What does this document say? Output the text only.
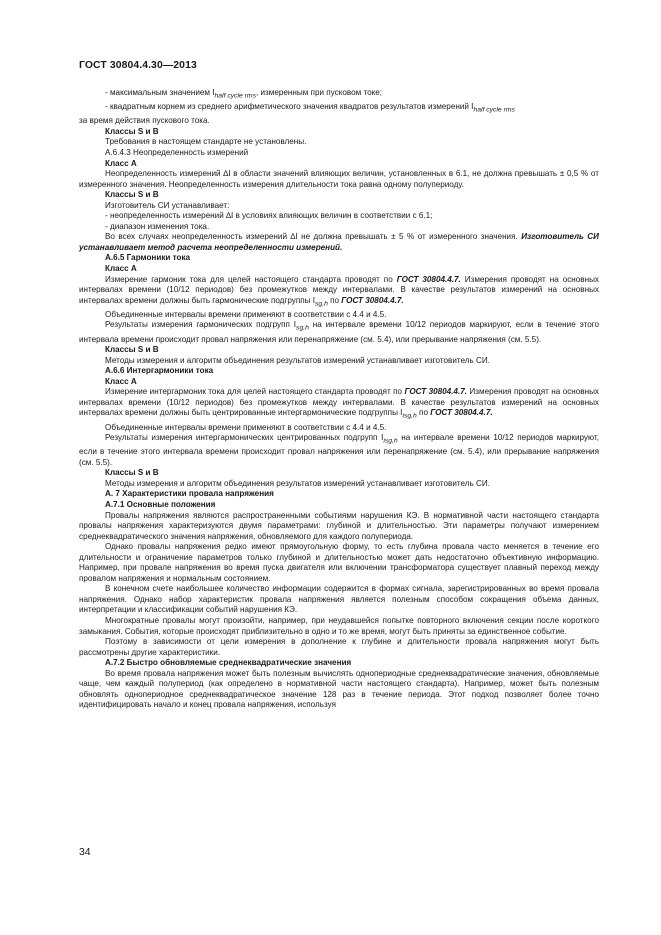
ГОСТ 30804.4.30—2013

- максимальным значением $I_{half cycle rms}$, измеренным при пусковом токе;

- квадратным корнем из среднего арифметического значения квадратов результатов измерений $I_{half cycle rms}$

за время действия пускового тока.

Классы S и B

Требования в настоящем стандарте не установлены.

А.6.4.3 Неопределенность измерений

Класс А

Неопределенность измерений ∆I в области значений влияющих величин, установленных в 6.1, не должна превышать ± 0,5 % от измеренного значения. Неопределенность измерения длительности тока равна одному полупериоду.

Классы S и B

Изготовитель СИ устанавливает:

- неопределенность измерений ∆I в условиях влияющих величин в соответствии с 6.1;

- диапазон изменения тока.

Во всех случаях неопределенность измерений ∆I не должна превышать ± 5 % от измеренного значения. Изготовитель СИ устанавливает метод расчета неопределенности измерений.

А.6.5 Гармоники тока

Класс А

Измерение гармоник тока для целей настоящего стандарта проводят по ГОСТ 30804.4.7. Измерения проводят на основных интервалах времени (10/12 периодов) без промежутков между интервалами. В качестве результатов измерений на основных интервалах времени должны быть гармонические подгруппы $I_{sg,h}$ по ГОСТ 30804.4.7.

Объединенные интервалы времени применяют в соответствии с 4.4 и 4.5.

Результаты измерения гармонических подгрупп $I_{sg,h}$ на интервале времени 10/12 периодов маркируют, если в течение этого интервала времени происходит провал напряжения или перенапряжение (см. 5.4), или прерывание напряжения (см. 5.5).

Классы S и B

Методы измерения и алгоритм объединения результатов измерений устанавливает изготовитель СИ.

А.6.6 Интергармоники тока

Класс А

Измерение интергармоник тока для целей настоящего стандарта проводят по ГОСТ 30804.4.7. Измерения проводят на основных интервалах времени (10/12 периодов) без промежутков между интервалами. В качестве результатов измерений на основных интервалах времени должны быть центрированные интергармонические подгруппы $I_{isg,h}$ по ГОСТ 30804.4.7.

Объединенные интервалы времени применяют в соответствии с 4.4 и 4.5.

Результаты измерения интергармонических центрированных подгрупп $I_{isg,h}$ на интервале времени 10/12 периодов маркируют, если в течение этого интервала времени происходит провал напряжения или перенапряжение (см. 5.4), или прерывание напряжения (см. 5.5).

Классы S и B

Методы измерения и алгоритм объединения результатов измерений устанавливает изготовитель СИ.

А. 7 Характеристики провала напряжения

А.7.1 Основные положения

Провалы напряжения являются распространенными событиями нарушения КЭ. В нормативной части настоящего стандарта провалы напряжения характеризуются двумя параметрами: глубиной и длительностью. Эти параметры получают измерением среднеквадратического значения напряжения, обновляемого для каждого полупериода.

Однако провалы напряжения редко имеют прямоугольную форму, то есть глубина провала часто меняется в течение его длительности и ограничение параметров только глубиной и длительностью может дать недостаточно объективную информацию. Например, при провале напряжения во время пуска двигателя или включении трансформатора существует плавный переход между провалом напряжения и нормальным состоянием.

В конечном счете наибольшее количество информации содержится в формах сигнала, зарегистрированных во время провала напряжения. Однако набор характеристик провала напряжения является полезным способом сокращения объема данных, интерпретации и классификации событий нарушения КЭ.

Многократные провалы могут произойти, например, при неудавшейся попытке повторного включения секции после короткого замыкания. События, которые происходят приблизительно в одно и то же время, могут быть приняты за единственное событие.

Поэтому в зависимости от цели измерения в дополнение к глубине и длительности провала напряжения могут быть рассмотрены другие характеристики.

А.7.2 Быстро обновляемые среднеквадратические значения

Во время провала напряжения может быть полезным вычислять однопериодные среднеквадратические значения, обновляемые чаще, чем каждый полупериод (как определено в нормативной части настоящего стандарта). Например, может быть полезным обновлять однопериодное среднеквадратическое значение 128 раз в течение периода. Этот подход позволяет более точно идентифицировать начало и конец провала напряжения, используя

34
